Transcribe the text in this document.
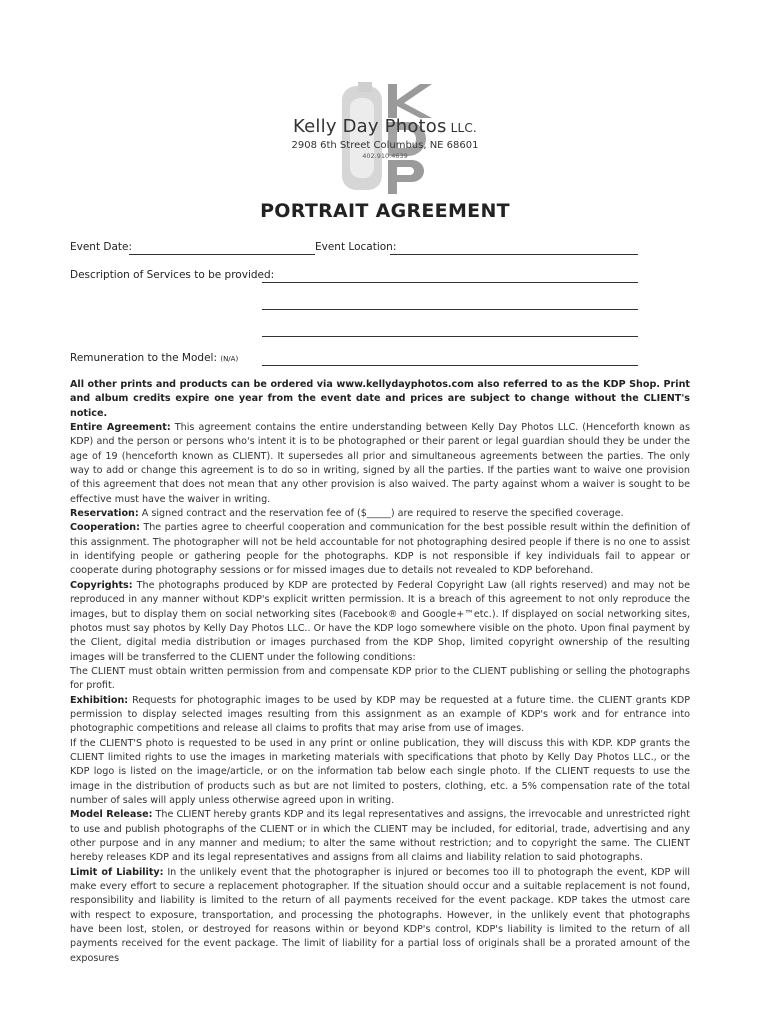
Kelly Day Photos LLC.
2908 6th Street Columbus, NE 68601
402.910.4639
PORTRAIT AGREEMENT
Event Date:	Event Location:
Description of Services to be provided:
Remuneration to the Model: (N/A)

All other prints and products can be ordered via www.kellydayphotos.com also referred to as the KDP Shop. Print and album credits expire one year from the event date and prices are subject to change without the CLIENT's notice.

Entire Agreement: This agreement contains the entire understanding between Kelly Day Photos LLC. (Henceforth known as KDP) and the person or persons who's intent it is to be photographed or their parent or legal guardian should they be under the age of 19 (henceforth known as CLIENT). It supersedes all prior and simultaneous agreements between the parties. The only way to add or change this agreement is to do so in writing, signed by all the parties. If the parties want to waive one provision of this agreement that does not mean that any other provision is also waived. The party against whom a waiver is sought to be effective must have the waiver in writing.

Reservation: A signed contract and the reservation fee of ($_____) are required to reserve the specified coverage.

Cooperation: The parties agree to cheerful cooperation and communication for the best possible result within the definition of this assignment. The photographer will not be held accountable for not photographing desired people if there is no one to assist in identifying people or gathering people for the photographs. KDP is not responsible if key individuals fail to appear or cooperate during photography sessions or for missed images due to details not revealed to KDP beforehand.

Copyrights: The photographs produced by KDP are protected by Federal Copyright Law (all rights reserved) and may not be reproduced in any manner without KDP's explicit written permission. It is a breach of this agreement to not only reproduce the images, but to display them on social networking sites (Facebook® and Google+™etc.). If displayed on social networking sites, photos must say photos by Kelly Day Photos LLC.. Or have the KDP logo somewhere visible on the photo. Upon final payment by the Client, digital media distribution or images purchased from the KDP Shop, limited copyright ownership of the resulting images will be transferred to the CLIENT under the following conditions:

The CLIENT must obtain written permission from and compensate KDP prior to the CLIENT publishing or selling the photographs for profit.

Exhibition: Requests for photographic images to be used by KDP may be requested at a future time. the CLIENT grants KDP permission to display selected images resulting from this assignment as an example of KDP's work and for entrance into photographic competitions and release all claims to profits that may arise from use of images.

If the CLIENT'S photo is requested to be used in any print or online publication, they will discuss this with KDP. KDP grants the CLIENT limited rights to use the images in marketing materials with specifications that photo by Kelly Day Photos LLC., or the KDP logo is listed on the image/article, or on the information tab below each single photo. If the CLIENT requests to use the image in the distribution of products such as but are not limited to posters, clothing, etc. a 5% compensation rate of the total number of sales will apply unless otherwise agreed upon in writing.

Model Release: The CLIENT hereby grants KDP and its legal representatives and assigns, the irrevocable and unrestricted right to use and publish photographs of the CLIENT or in which the CLIENT may be included, for editorial, trade, advertising and any other purpose and in any manner and medium; to alter the same without restriction; and to copyright the same. The CLIENT hereby releases KDP and its legal representatives and assigns from all claims and liability relation to said photographs.

Limit of Liability: In the unlikely event that the photographer is injured or becomes too ill to photograph the event, KDP will make every effort to secure a replacement photographer. If the situation should occur and a suitable replacement is not found, responsibility and liability is limited to the return of all payments received for the event package. KDP takes the utmost care with respect to exposure, transportation, and processing the photographs. However, in the unlikely event that photographs have been lost, stolen, or destroyed for reasons within or beyond KDP's control, KDP's liability is limited to the return of all payments received for the event package. The limit of liability for a partial loss of originals shall be a prorated amount of the exposures
